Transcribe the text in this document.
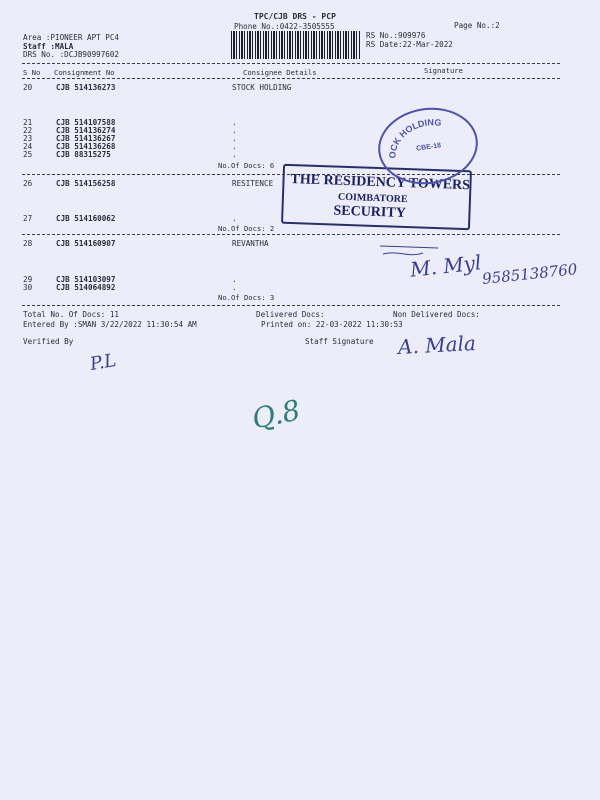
TPC/CJB DRS - PCP
Phone No.:0422-3505555	Page No.:2
Area :PIONEER APT PC4
Staff :MALA
DRS No. :DCJB90997602
RS No.:909976
RS Date:22-Mar-2022
S No Consignment No	Consignee Details	Signature
20	CJB 514136273	STOCK HOLDING
21	CJB 514107588	.
22	CJB 514136274	.
23	CJB 514136267	.
24	CJB 514136268	.
25	CJB 88315275	.
No.Of Docs: 6
26	CJB 514156258	RESITENCE
27	CJB 514160062	.
No.Of Docs: 2
28	CJB 514160907	REVANTHA
29	CJB 514103097	.
30	CJB 514064892	.
No.Of Docs: 3
Total No. Of Docs: 11	Delivered Docs:	Non Delivered Docs:
Entered By :SMAN 3/22/2022 11:30:54 AM	Printed on: 22-03-2022 11:30:53
Verified By	Staff Signature
THE RESIDENCY TOWERS
COIMBATORE
SECURITY
OCK HOLDING
CBE-18
M. Myl
9585138760
A. Mala
P.L
Q.8
